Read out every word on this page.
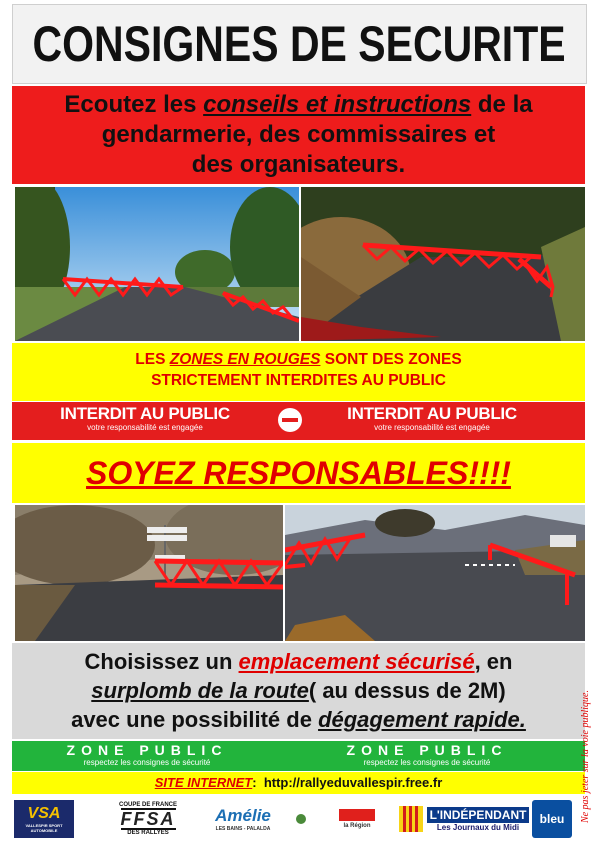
CONSIGNES DE SECURITE
Ecoutez les conseils et instructions de la
gendarmerie, des commissaires et
des organisateurs.
LES ZONES EN ROUGES SONT DES ZONES
STRICTEMENT INTERDITES AU PUBLIC
INTERDIT AU PUBLIC
votre responsabilité est engagée
INTERDIT AU PUBLIC
votre responsabilité est engagée
SOYEZ RESPONSABLES!!!!
Choisissez un emplacement sécurisé, en
surplomb de la route( au dessus de 2M)
avec une possibilité de dégagement rapide.
ZONE PUBLIC
respectez les consignes de sécurité
ZONE PUBLIC
respectez les consignes de sécurité
SITE INTERNET: http://rallyeduvallespir.free.fr
VSA
VALLESPIR SPORT AUTOMOBILE
COUPE DE FRANCE
FFSA
DES RALLYES
Amélie
LES BAINS - PALALDA	la Région
L'INDÉPENDANT
Les Journaux du Midi
bleu Ne pas jeter sur la voie publique.
